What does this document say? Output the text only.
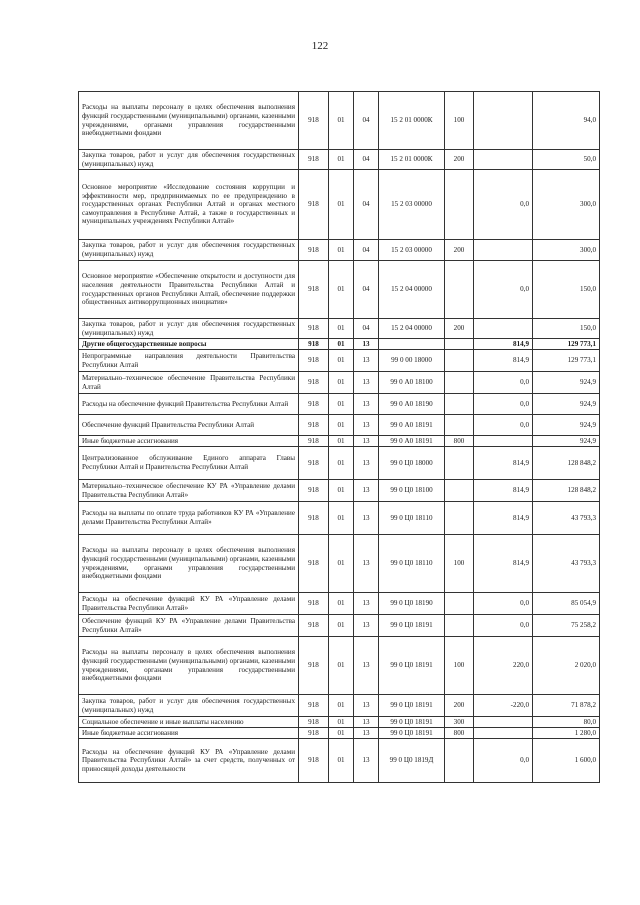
122
Расходы на выплаты персоналу в целях обеспечения выполнения функций государственными (муниципальными) органами, казенными учреждениями, органами управления государственными внебюджетными фондами	918	01	04	15 2 01 0000К	100		94,0
Закупка товаров, работ и услуг для обеспечения государственных (муниципальных) нужд	918	01	04	15 2 01 0000К	200		50,0
Основное мероприятие «Исследование состояния коррупции и эффективности мер, предпринимаемых по ее предупреждению в государственных органах Республики Алтай и органах местного самоуправления в Республике Алтай, а также в государственных и муниципальных учреждениях Республики Алтай»	918	01	04	15 2 03 00000		0,0	300,0
Закупка товаров, работ и услуг для обеспечения государственных (муниципальных) нужд	918	01	04	15 2 03 00000	200		300,0
Основное мероприятие «Обеспечение открытости и доступности для населения деятельности Правительства Республики Алтай и государственных органов Республики Алтай, обеспечение поддержки общественных антикоррупционных инициатив»	918	01	04	15 2 04 00000		0,0	150,0
Закупка товаров, работ и услуг для обеспечения государственных (муниципальных) нужд	918	01	04	15 2 04 00000	200		150,0
Другие общегосударственные вопросы	918	01	13			814,9	129 773,1
Непрограммные направления деятельности Правительства Республики Алтай	918	01	13	99 0 00 18000		814,9	129 773,1
Материально–техническое обеспечение Правительства Республики Алтай	918	01	13	99 0 А0 18100		0,0	924,9
Расходы на обеспечение функций Правительства Республики Алтай	918	01	13	99 0 А0 18190		0,0	924,9
Обеспечение функций Правительства Республики Алтай	918	01	13	99 0 А0 18191		0,0	924,9
Иные бюджетные ассигнования	918	01	13	99 0 А0 18191	800		924,9
Централизованное обслуживание Единого аппарата Главы Республики Алтай и Правительства Республики Алтай	918	01	13	99 0 Ц0 18000		814,9	128 848,2
Материально–техническое обеспечение КУ РА «Управление делами Правительства Республики Алтай»	918	01	13	99 0 Ц0 18100		814,9	128 848,2
Расходы на выплаты по оплате труда работников КУ РА «Управление делами Правительства Республики Алтай»	918	01	13	99 0 Ц0 18110		814,9	43 793,3
Расходы на выплаты персоналу в целях обеспечения выполнения функций государственными (муниципальными) органами, казенными учреждениями, органами управления государственными внебюджетными фондами	918	01	13	99 0 Ц0 18110	100	814,9	43 793,3
Расходы на обеспечение функций КУ РА «Управление делами Правительства Республики Алтай»	918	01	13	99 0 Ц0 18190		0,0	85 054,9
Обеспечение функций КУ РА «Управление делами Правительства Республики Алтай»	918	01	13	99 0 Ц0 18191		0,0	75 258,2
Расходы на выплаты персоналу в целях обеспечения выполнения функций государственными (муниципальными) органами, казенными учреждениями, органами управления государственными внебюджетными фондами	918	01	13	99 0 Ц0 18191	100	220,0	2 020,0
Закупка товаров, работ и услуг для обеспечения государственных (муниципальных) нужд	918	01	13	99 0 Ц0 18191	200	-220,0	71 878,2
Социальное обеспечение и иные выплаты населению	918	01	13	99 0 Ц0 18191	300		80,0
Иные бюджетные ассигнования	918	01	13	99 0 Ц0 18191	800		1 280,0
Расходы на обеспечение функций КУ РА «Управление делами Правительства Республики Алтай» за счет средств, полученных от приносящей доходы деятельности	918	01	13	99 0 Ц0 1819Д		0,0	1 600,0
